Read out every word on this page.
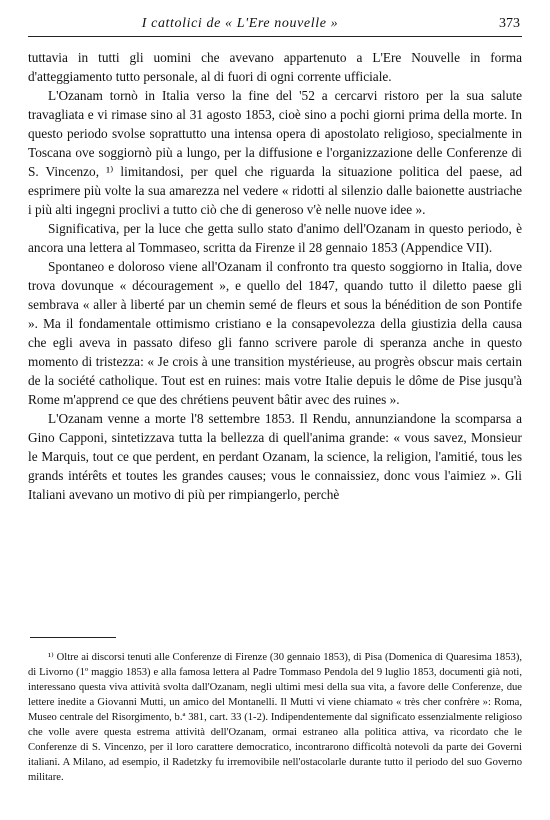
I cattolici de « L'Ere nouvelle »	373

tuttavia in tutti gli uomini che avevano appartenuto a L'Ere Nouvelle in forma d'atteggiamento tutto personale, al di fuori di ogni corrente ufficiale.

L'Ozanam tornò in Italia verso la fine del '52 a cercarvi ristoro per la sua salute travagliata e vi rimase sino al 31 agosto 1853, cioè sino a pochi giorni prima della morte. In questo periodo svolse soprattutto una intensa opera di apostolato religioso, specialmente in Toscana ove soggiornò più a lungo, per la diffusione e l'organizzazione delle Conferenze di S. Vincenzo, ¹⁾ limitandosi, per quel che riguarda la situazione politica del paese, ad esprimere più volte la sua amarezza nel vedere « ridotti al silenzio dalle baionette austriache i più alti ingegni proclivi a tutto ciò che di generoso v'è nelle nuove idee ».

Significativa, per la luce che getta sullo stato d'animo dell'Ozanam in questo periodo, è ancora una lettera al Tommaseo, scritta da Firenze il 28 gennaio 1853 (Appendice VII).

Spontaneo e doloroso viene all'Ozanam il confronto tra questo soggiorno in Italia, dove trova dovunque « découragement », e quello del 1847, quando tutto il diletto paese gli sembrava « aller à liberté par un chemin semé de fleurs et sous la bénédition de son Pontife ». Ma il fondamentale ottimismo cristiano e la consapevolezza della giustizia della causa che egli aveva in passato difeso gli fanno scrivere parole di speranza anche in questo momento di tristezza: « Je crois à une transition mystérieuse, au progrès obscur mais certain de la société catholique. Tout est en ruines: mais votre Italie depuis le dôme de Pise jusqu'à Rome m'apprend ce que des chrétiens peuvent bâtir avec des ruines ».

L'Ozanam venne a morte l'8 settembre 1853. Il Rendu, annunziandone la scomparsa a Gino Capponi, sintetizzava tutta la bellezza di quell'anima grande: « vous savez, Monsieur le Marquis, tout ce que perdent, en perdant Ozanam, la science, la religion, l'amitié, tous les grands intérêts et toutes les grandes causes; vous le connaissiez, donc vous l'aimiez ». Gli Italiani avevano un motivo di più per rimpiangerlo, perchè

¹⁾ Oltre ai discorsi tenuti alle Conferenze di Firenze (30 gennaio 1853), di Pisa (Domenica di Quaresima 1853), di Livorno (1º maggio 1853) e alla famosa lettera al Padre Tommaso Pendola del 9 luglio 1853, documenti già noti, interessano questa viva attività svolta dall'Ozanam, negli ultimi mesi della sua vita, a favore delle Conferenze, due lettere inedite a Giovanni Mutti, un amico del Montanelli. Il Mutti vi viene chiamato « très cher confrère »: Roma, Museo centrale del Risorgimento, b.ª 381, cart. 33 (1-2). Indipendentemente dal significato essenzialmente religioso che volle avere questa estrema attività dell'Ozanam, ormai estraneo alla politica attiva, va ricordato che le Conferenze di S. Vincenzo, per il loro carattere democratico, incontrarono difficoltà notevoli da parte dei Governi italiani. A Milano, ad esempio, il Radetzky fu irremovibile nell'ostacolarle durante tutto il periodo del suo Governo militare.
